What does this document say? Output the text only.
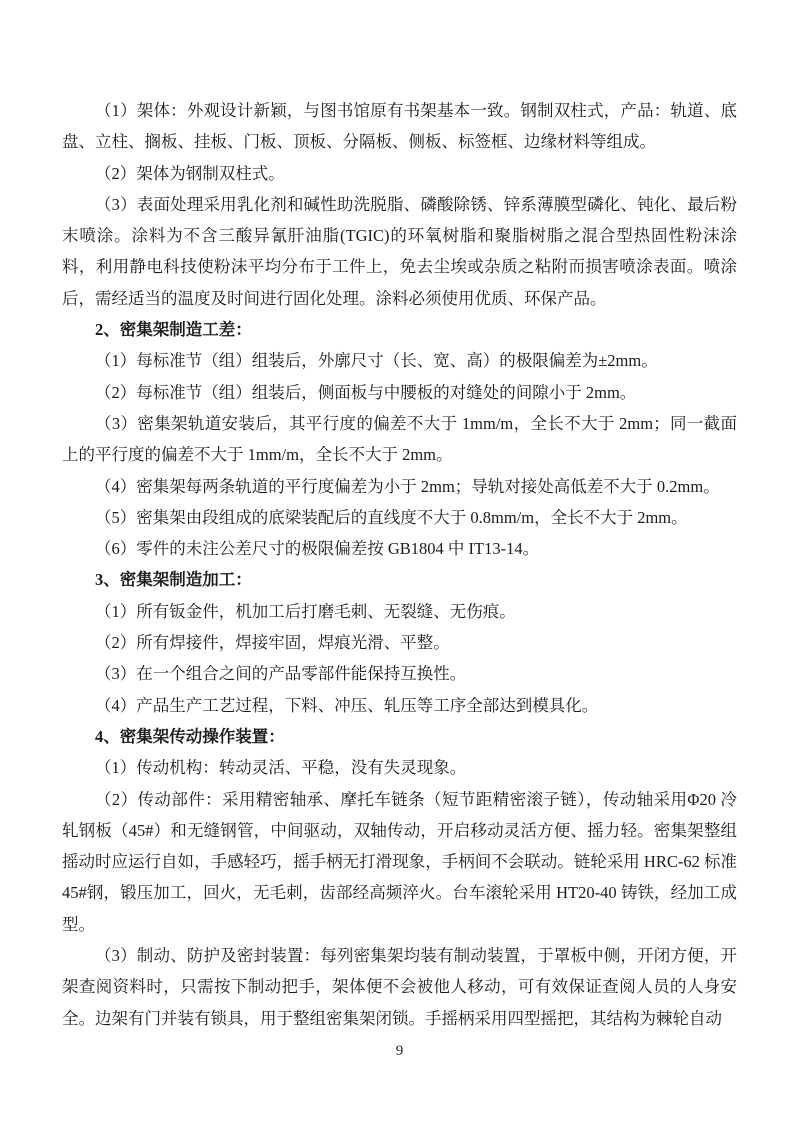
（1）架体：外观设计新颖，与图书馆原有书架基本一致。钢制双柱式，产品：轨道、底盘、立柱、搁板、挂板、门板、顶板、分隔板、侧板、标签框、边缘材料等组成。

（2）架体为钢制双柱式。

（3）表面处理采用乳化剂和碱性助洗脱脂、磷酸除锈、锌系薄膜型磷化、钝化、最后粉末喷涂。涂料为不含三酸异氰肝油脂(TGIC)的环氧树脂和聚脂树脂之混合型热固性粉沫涂料，利用静电科技使粉沫平均分布于工件上，免去尘埃或杂质之粘附而损害喷涂表面。喷涂后，需经适当的温度及时间进行固化处理。涂料必须使用优质、环保产品。

2、密集架制造工差：

（1）每标准节（组）组装后，外廓尺寸（长、宽、高）的极限偏差为±2mm。

（2）每标准节（组）组装后，侧面板与中腰板的对缝处的间隙小于 2mm。

（3）密集架轨道安装后，其平行度的偏差不大于 1mm/m，全长不大于 2mm；同一截面上的平行度的偏差不大于 1mm/m，全长不大于 2mm。

（4）密集架每两条轨道的平行度偏差为小于 2mm；导轨对接处高低差不大于 0.2mm。

（5）密集架由段组成的底梁装配后的直线度不大于 0.8mm/m，全长不大于 2mm。

（6）零件的未注公差尺寸的极限偏差按 GB1804 中 IT13-14。

3、密集架制造加工：

（1）所有钣金件，机加工后打磨毛刺、无裂缝、无伤痕。

（2）所有焊接件，焊接牢固，焊痕光滑、平整。

（3）在一个组合之间的产品零部件能保持互换性。

（4）产品生产工艺过程，下料、冲压、轧压等工序全部达到模具化。

4、密集架传动操作装置：

（1）传动机构：转动灵活、平稳，没有失灵现象。

（2）传动部件：采用精密轴承、摩托车链条（短节距精密滚子链），传动轴采用Φ20 冷轧钢板（45#）和无缝钢管，中间驱动，双轴传动，开启移动灵活方便、摇力轻。密集架整组摇动时应运行自如，手感轻巧，摇手柄无打滑现象，手柄间不会联动。链轮采用 HRC-62 标准45#钢，锻压加工，回火，无毛刺，齿部经高频淬火。台车滚轮采用 HT20-40 铸铁，经加工成型。

（3）制动、防护及密封装置：每列密集架均装有制动装置，于罩板中侧，开闭方便，开架查阅资料时，只需按下制动把手，架体便不会被他人移动，可有效保证查阅人员的人身安全。边架有门并装有锁具，用于整组密集架闭锁。手摇柄采用四型摇把，其结构为棘轮自动

9
